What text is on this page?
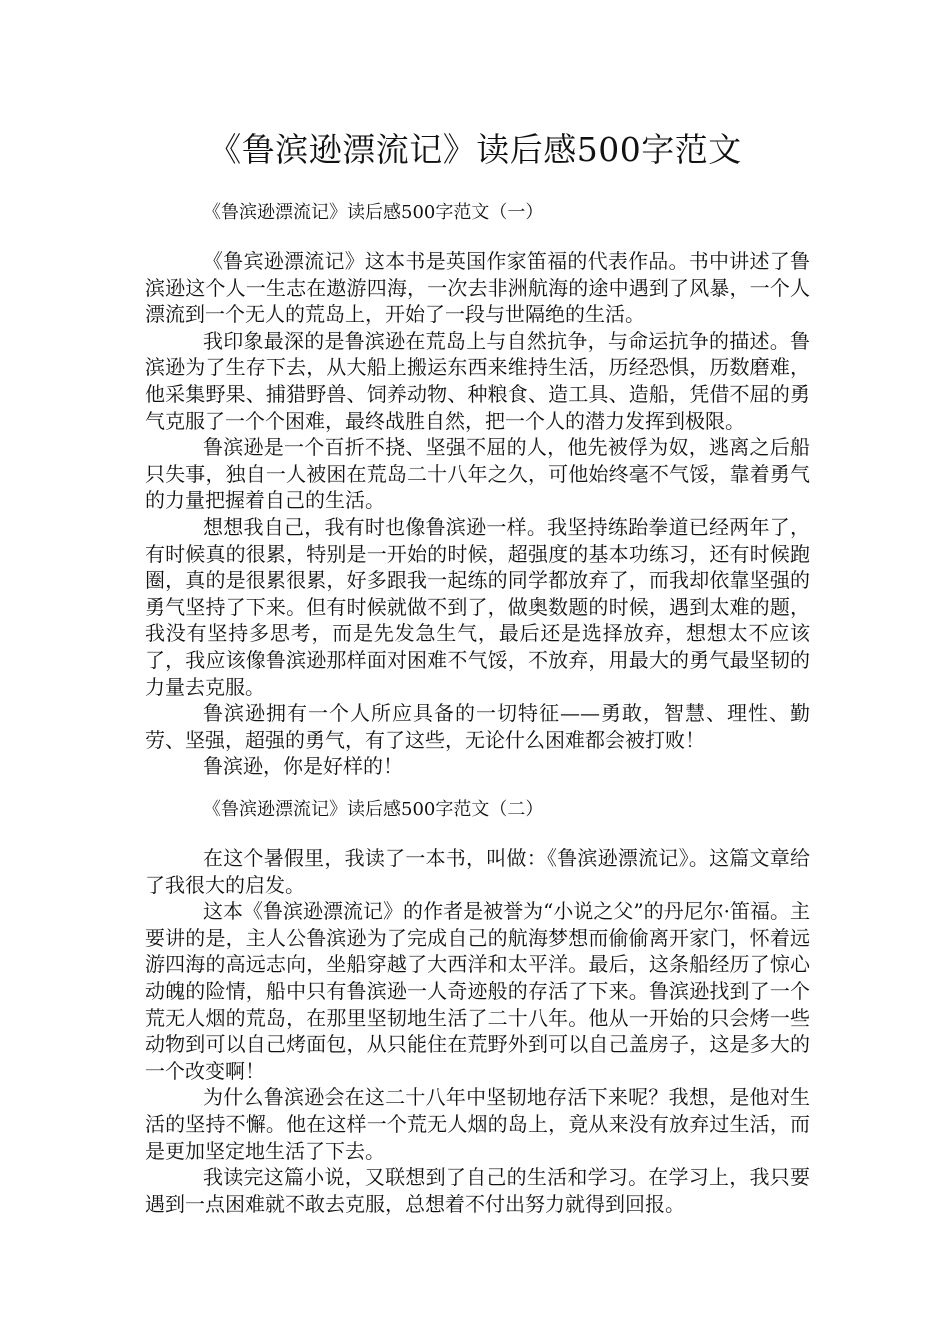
《鲁滨逊漂流记》读后感500字范文

《鲁滨逊漂流记》读后感500字范文（一）

《鲁宾逊漂流记》这本书是英国作家笛福的代表作品。书中讲述了鲁滨逊这个人一生志在遨游四海，一次去非洲航海的途中遇到了风暴，一个人漂流到一个无人的荒岛上，开始了一段与世隔绝的生活。

我印象最深的是鲁滨逊在荒岛上与自然抗争，与命运抗争的描述。鲁滨逊为了生存下去，从大船上搬运东西来维持生活，历经恐惧，历数磨难，他采集野果、捕猎野兽、饲养动物、种粮食、造工具、造船，凭借不屈的勇气克服了一个个困难，最终战胜自然，把一个人的潜力发挥到极限。

鲁滨逊是一个百折不挠、坚强不屈的人，他先被俘为奴，逃离之后船只失事，独自一人被困在荒岛二十八年之久，可他始终毫不气馁，靠着勇气的力量把握着自己的生活。

想想我自己，我有时也像鲁滨逊一样。我坚持练跆拳道已经两年了，有时候真的很累，特别是一开始的时候，超强度的基本功练习，还有时候跑圈，真的是很累很累，好多跟我一起练的同学都放弃了，而我却依靠坚强的勇气坚持了下来。但有时候就做不到了，做奥数题的时候，遇到太难的题，我没有坚持多思考，而是先发急生气，最后还是选择放弃，想想太不应该了，我应该像鲁滨逊那样面对困难不气馁，不放弃，用最大的勇气最坚韧的力量去克服。

鲁滨逊拥有一个人所应具备的一切特征——勇敢，智慧、理性、勤劳、坚强，超强的勇气，有了这些，无论什么困难都会被打败！

鲁滨逊，你是好样的！

《鲁滨逊漂流记》读后感500字范文（二）

在这个暑假里，我读了一本书，叫做：《鲁滨逊漂流记》。这篇文章给了我很大的启发。

这本《鲁滨逊漂流记》的作者是被誉为“小说之父”的丹尼尔·笛福。主要讲的是，主人公鲁滨逊为了完成自己的航海梦想而偷偷离开家门，怀着远游四海的高远志向，坐船穿越了大西洋和太平洋。最后，这条船经历了惊心动魄的险情，船中只有鲁滨逊一人奇迹般的存活了下来。鲁滨逊找到了一个荒无人烟的荒岛，在那里坚韧地生活了二十八年。他从一开始的只会烤一些动物到可以自己烤面包，从只能住在荒野外到可以自己盖房子，这是多大的一个改变啊！

为什么鲁滨逊会在这二十八年中坚韧地存活下来呢？我想，是他对生活的坚持不懈。他在这样一个荒无人烟的岛上，竟从来没有放弃过生活，而是更加坚定地生活了下去。

我读完这篇小说，又联想到了自己的生活和学习。在学习上，我只要遇到一点困难就不敢去克服，总想着不付出努力就得到回报。
